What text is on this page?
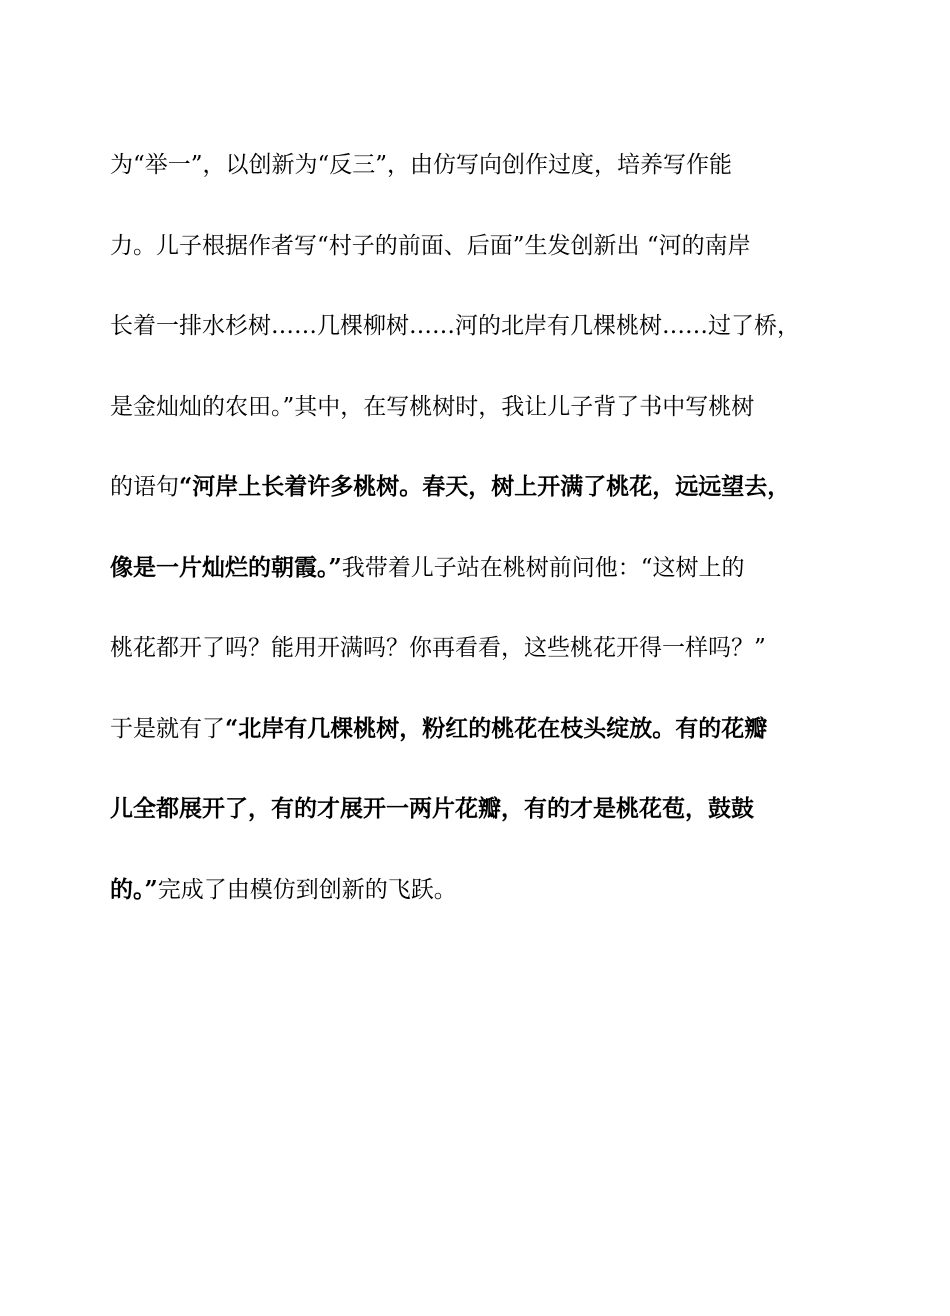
为“举一”，以创新为“反三”，由仿写向创作过度，培养写作能
力。儿子根据作者写“村子的前面、后面”生发创新出 “河的南岸
长着一排水杉树……几棵柳树……河的北岸有几棵桃树……过了桥，
是金灿灿的农田。”其中，在写桃树时，我让儿子背了书中写桃树
的语句“河岸上长着许多桃树。春天，树上开满了桃花，远远望去，
像是一片灿烂的朝霞。”我带着儿子站在桃树前问他：“这树上的
桃花都开了吗？能用开满吗？你再看看，这些桃花开得一样吗？”
于是就有了“北岸有几棵桃树，粉红的桃花在枝头绽放。有的花瓣
儿全都展开了，有的才展开一两片花瓣，有的才是桃花苞，鼓鼓
的。”完成了由模仿到创新的飞跃。
